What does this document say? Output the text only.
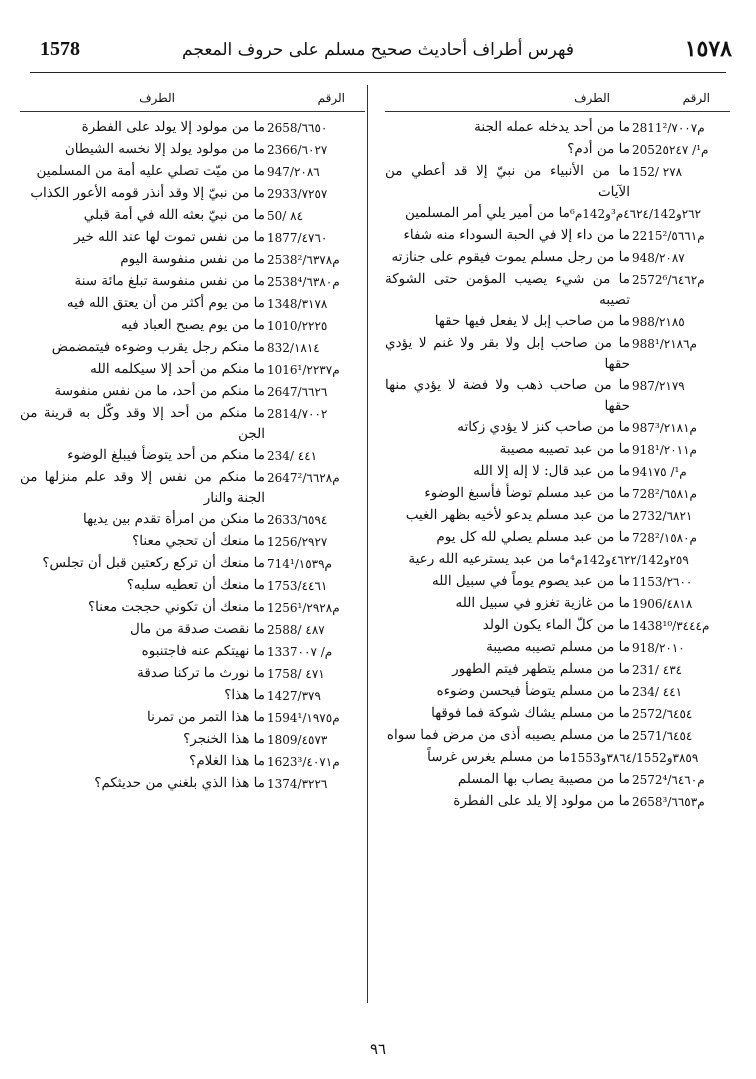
١٥٧٨
فهرس أطراف أحاديث صحيح مسلم على حروف المعجم
1578
الرقم
الطرف
2811م²/٧٠٠٧
ما من أحد يدخله عمله الجنة
2052م¹/ ٥٢٤٧
ما من أدم؟
152/ ٢٧٨
ما من الأنبياء من نبيّ إلا قد أعطي من الآيات
٢٦٢و٤٦٢٤/142م³و142م⁶
ما من أمير يلي أمر المسلمين
2215م²/٥٦٦١
ما من داء إلا في الحبة السوداء منه شفاء
948/٢٠٨٧
ما من رجل مسلم يموت فيقوم على جنازته
2572م⁶/٦٤٦٢
ما من شيء يصيب المؤمن حتى الشوكة تصيبه
988/٢١٨٥
ما من صاحب إبل لا يفعل فيها حقها
988م¹/٢١٨٦
ما من صاحب إبل ولا بقر ولا غنم لا يؤدي حقها
987/٢١٧٩
ما من صاحب ذهب ولا فضة لا يؤدي منها حقها
987م³/٢١٨١
ما من صاحب كنز لا يؤدي زكاته
918م¹/٢٠١١
ما من عبد تصيبه مصيبة
94م¹/ ١٧٥
ما من عبد قال: لا إله إلا الله
728م²/٦٥٨١
ما من عبد مسلم توضأ فأسبغ الوضوء
2732/٦٨٢١
ما من عبد مسلم يدعو لأخيه بظهر الغيب
728م²/١٥٨٠
ما من عبد مسلم يصلي لله كل يوم
٢٥٩و٤٦٢٢/142و142م⁴
ما من عبد يسترعيه الله رعية
1153/٢٦٠٠
ما من عبد يصوم يوماً في سبيل الله
1906/٤٨١٨
ما من غازية تغزو في سبيل الله
1438م¹⁰/٣٤٤٤
ما من كلّ الماء يكون الولد
918/٢٠١٠
ما من مسلم تصيبه مصيبة
231/ ٤٣٤
ما من مسلم يتطهر فيتم الطهور
234/ ٤٤١
ما من مسلم يتوضأ فيحسن وضوءه
2572/٦٤٥٤
ما من مسلم يشاك شوكة فما فوقها
2571/٦٤٥٤
ما من مسلم يصيبه أذى من مرض فما سواه
٣٨٥٩و٣٨٦٤/1552و1553
ما من مسلم يغرس غرساً
2572م⁴/٦٤٦٠
ما من مصيبة يصاب بها المسلم
2658م³/٦٦٥٣
ما من مولود إلا يلد على الفطرة
الرقم
الطرف
2658/٦٦٥٠
ما من مولود إلا يولد على الفطرة
2366/٦٠٢٧
ما من مولود يولد إلا نخسه الشيطان
947/٢٠٨٦
ما من ميّت تصلي عليه أمة من المسلمين
2933/٧٢٥٧
ما من نبيّ إلا وقد أنذر قومه الأعور الكذاب
50/ ٨٤
ما من نبيّ بعثه الله في أمة قبلي
1877/٤٧٦٠
ما من نفس تموت لها عند الله خير
2538م²/٦٣٧٨
ما من نفس منفوسة اليوم
2538م⁴/٦٣٨٠
ما من نفس منفوسة تبلغ مائة سنة
1348/٣١٧٨
ما من يوم أكثر من أن يعتق الله فيه
1010/٢٢٢٥
ما من يوم يصبح العباد فيه
832/١٨١٤
ما منكم رجل يقرب وضوءه فيتمضمض
1016م¹/٢٢٣٧
ما منكم من أحد إلا سيكلمه الله
2647/٦٦٢٦
ما منكم من أحد، ما من نفس منفوسة
2814/٧٠٠٢
ما منكم من أحد إلا وقد وكّل به قرينة من الجن
234/ ٤٤١
ما منكم من أحد يتوضأ فيبلغ الوضوء
2647م²/٦٦٢٨
ما منكم من نفس إلا وقد علم منزلها من الجنة والنار
2633/٦٥٩٤
ما منكن من امرأة تقدم بين يديها
1256/٢٩٢٧
ما منعك أن تحجي معنا؟
714م¹/١٥٣٩
ما منعك أن تركع ركعتين قبل أن تجلس؟
1753/٤٤٦١
ما منعك أن تعطيه سلبه؟
1256م¹/٢٩٢٨
ما منعك أن تكوني حججت معنا؟
2588/ ٤٨٧
ما نقصت صدقة من مال
1337م/ ٠٠٧
ما نهيتكم عنه فاجتنبوه
1758/ ٤٧١
ما نورث ما تركنا صدقة
1427/٣٧٩
ما هذا؟
1594م¹/١٩٧٥
ما هذا التمر من تمرنا
1809/٤٥٧٣
ما هذا الخنجر؟
1623م³/٤٠٧١
ما هذا الغلام؟
1374/٣٢٢٦
ما هذا الذي بلغني من حديثكم؟
٩٦
